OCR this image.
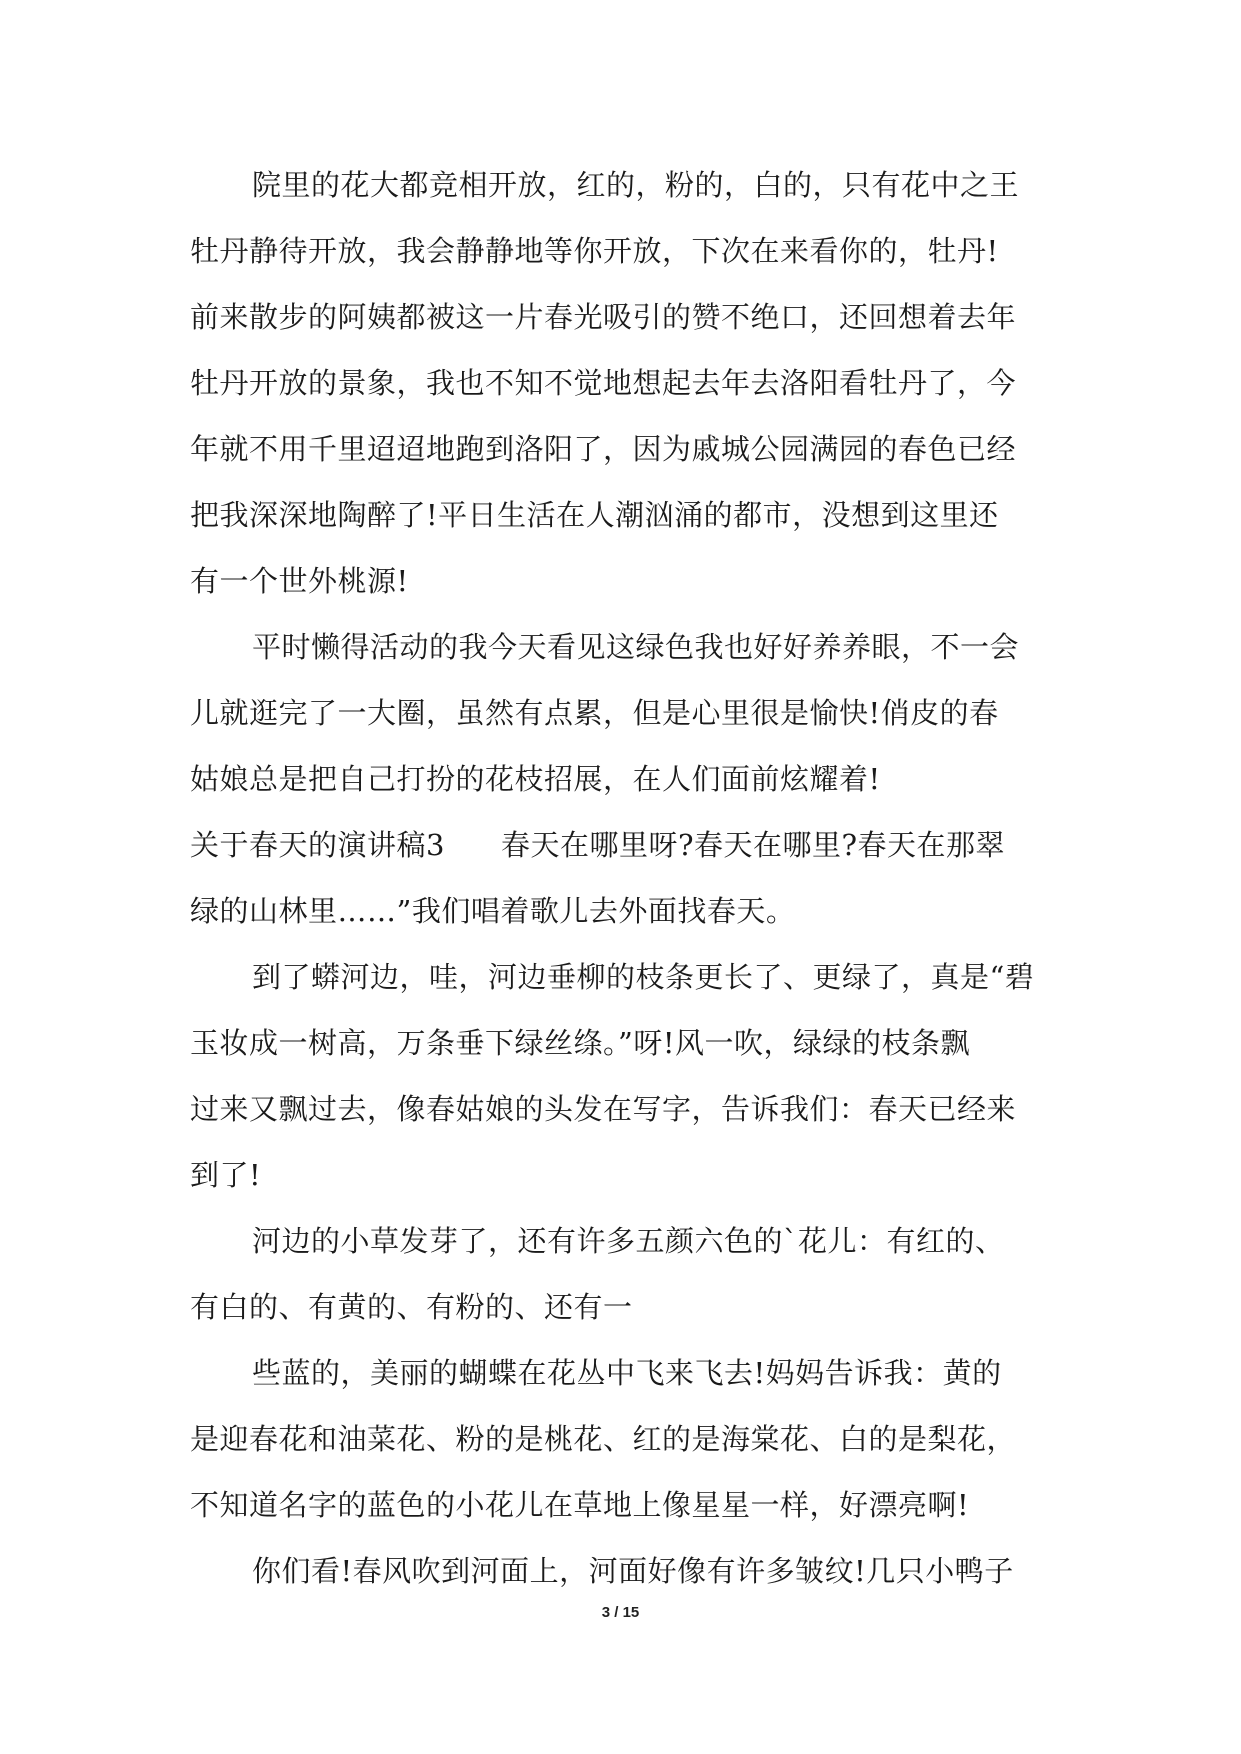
院里的花大都竞相开放，红的，粉的，白的，只有花中之王
牡丹静待开放，我会静静地等你开放，下次在来看你的，牡丹!
前来散步的阿姨都被这一片春光吸引的赞不绝口，还回想着去年
牡丹开放的景象，我也不知不觉地想起去年去洛阳看牡丹了，今
年就不用千里迢迢地跑到洛阳了，因为戚城公园满园的春色已经
把我深深地陶醉了!平日生活在人潮汹涌的都市，没想到这里还
有一个世外桃源!
平时懒得活动的我今天看见这绿色我也好好养养眼，不一会
儿就逛完了一大圈，虽然有点累，但是心里很是愉快!俏皮的春
姑娘总是把自己打扮的花枝招展，在人们面前炫耀着!
关于春天的演讲稿3 春天在哪里呀?春天在哪里?春天在那翠
绿的山林里……”我们唱着歌儿去外面找春天。
到了蟒河边，哇，河边垂柳的枝条更长了、更绿了，真是“碧
玉妆成一树高，万条垂下绿丝绦。”呀!风一吹，绿绿的枝条飘
过来又飘过去，像春姑娘的头发在写字，告诉我们：春天已经来
到了!
河边的小草发芽了，还有许多五颜六色的`花儿：有红的、
有白的、有黄的、有粉的、还有一
些蓝的，美丽的蝴蝶在花丛中飞来飞去!妈妈告诉我：黄的
是迎春花和油菜花、粉的是桃花、红的是海棠花、白的是梨花，
不知道名字的蓝色的小花儿在草地上像星星一样，好漂亮啊!
你们看!春风吹到河面上，河面好像有许多皱纹!几只小鸭子
3 / 15
